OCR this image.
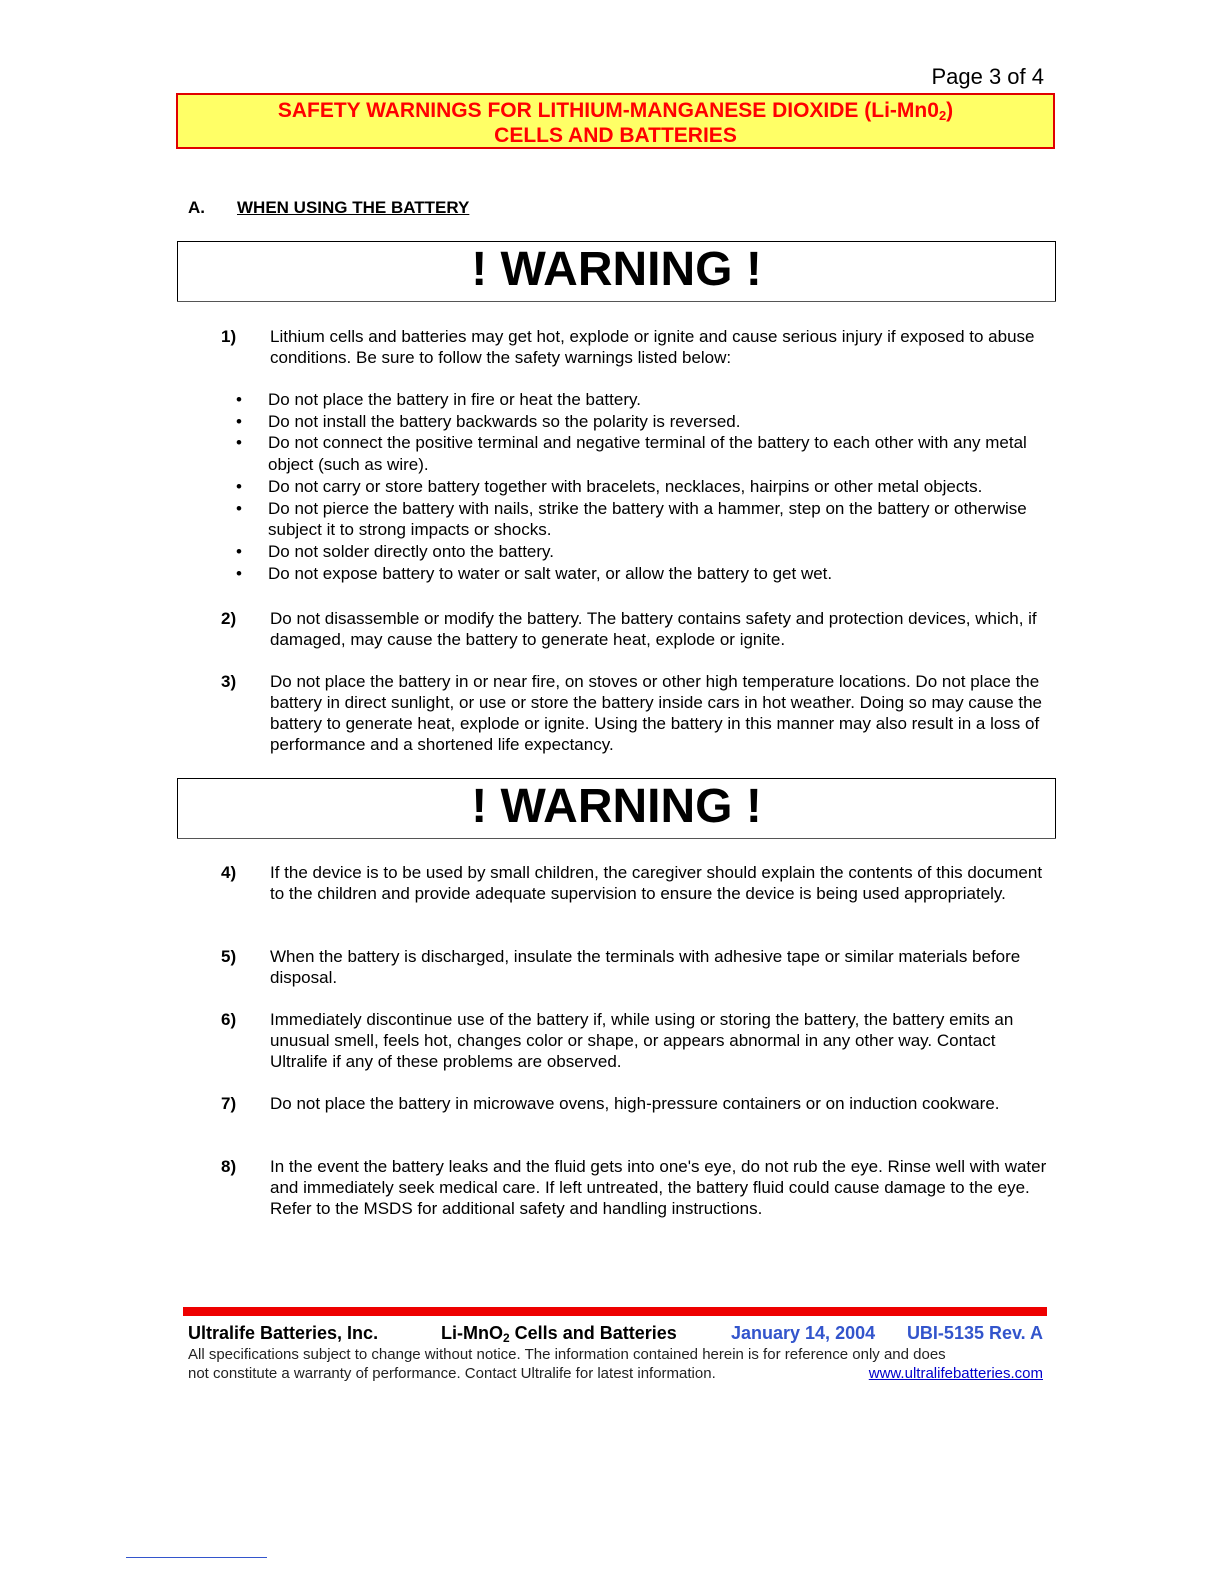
Page 3 of 4
SAFETY WARNINGS FOR LITHIUM-MANGANESE DIOXIDE $(Li-Mn0_2)$
CELLS AND BATTERIES
A. WHEN USING THE BATTERY
! WARNING !
1) Lithium cells and batteries may get hot, explode or ignite and cause serious injury if exposed to abuse conditions. Be sure to follow the safety warnings listed below:
• Do not place the battery in fire or heat the battery.
• Do not install the battery backwards so the polarity is reversed.
• Do not connect the positive terminal and negative terminal of the battery to each other with any metal object (such as wire).
• Do not carry or store battery together with bracelets, necklaces, hairpins or other metal objects.
• Do not pierce the battery with nails, strike the battery with a hammer, step on the battery or otherwise subject it to strong impacts or shocks.
• Do not solder directly onto the battery.
• Do not expose battery to water or salt water, or allow the battery to get wet.
2) Do not disassemble or modify the battery. The battery contains safety and protection devices, which, if damaged, may cause the battery to generate heat, explode or ignite.
3) Do not place the battery in or near fire, on stoves or other high temperature locations. Do not place the battery in direct sunlight, or use or store the battery inside cars in hot weather. Doing so may cause the battery to generate heat, explode or ignite. Using the battery in this manner may also result in a loss of performance and a shortened life expectancy.
! WARNING !
4) If the device is to be used by small children, the caregiver should explain the contents of this document to the children and provide adequate supervision to ensure the device is being used appropriately.
5) When the battery is discharged, insulate the terminals with adhesive tape or similar materials before disposal.
6) Immediately discontinue use of the battery if, while using or storing the battery, the battery emits an unusual smell, feels hot, changes color or shape, or appears abnormal in any other way. Contact Ultralife if any of these problems are observed.
7) Do not place the battery in microwave ovens, high-pressure containers or on induction cookware.
8) In the event the battery leaks and the fluid gets into one's eye, do not rub the eye. Rinse well with water and immediately seek medical care. If left untreated, the battery fluid could cause damage to the eye. Refer to the MSDS for additional safety and handling instructions.
Ultralife Batteries, Inc.	Li-MnO$_2$ Cells and Batteries	January 14, 2004 UBI-5135 Rev. A
All specifications subject to change without notice. The information contained herein is for reference only and does
not constitute a warranty of performance. Contact Ultralife for latest information.	www.ultralifebatteries.com
